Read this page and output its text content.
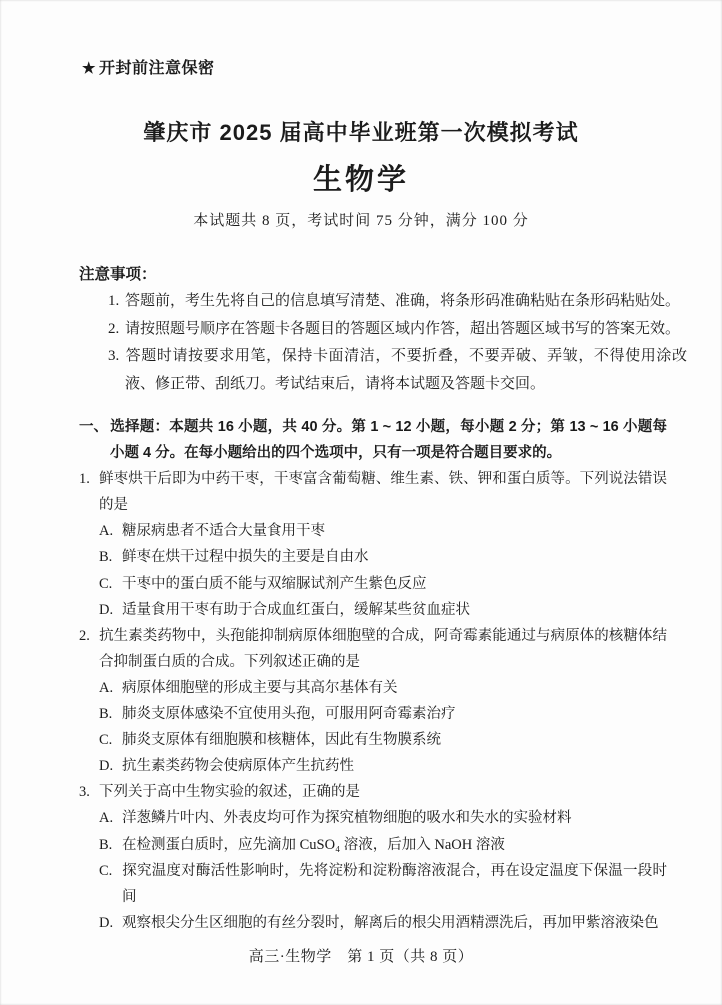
★ 开封前注意保密
肇庆市 2025 届高中毕业班第一次模拟考试
生物学
本试题共 8 页，考试时间 75 分钟，满分 100 分
注意事项：
1. 答题前，考生先将自己的信息填写清楚、准确，将条形码准确粘贴在条形码粘贴处。
2. 请按照题号顺序在答题卡各题目的答题区域内作答，超出答题区域书写的答案无效。
3. 答题时请按要求用笔，保持卡面清洁，不要折叠，不要弄破、弄皱，不得使用涂改液、修正带、刮纸刀。考试结束后，请将本试题及答题卡交回。
一、 选择题：本题共 16 小题，共 40 分。第 1 ~ 12 小题，每小题 2 分；第 13 ~ 16 小题每小题 4 分。在每小题给出的四个选项中，只有一项是符合题目要求的。
1. 鲜枣烘干后即为中药干枣，干枣富含葡萄糖、维生素、铁、钾和蛋白质等。下列说法错误的是
A. 糖尿病患者不适合大量食用干枣
B. 鲜枣在烘干过程中损失的主要是自由水
C. 干枣中的蛋白质不能与双缩脲试剂产生紫色反应
D. 适量食用干枣有助于合成血红蛋白，缓解某些贫血症状
2. 抗生素类药物中，头孢能抑制病原体细胞壁的合成，阿奇霉素能通过与病原体的核糖体结合抑制蛋白质的合成。下列叙述正确的是
A. 病原体细胞壁的形成主要与其高尔基体有关
B. 肺炎支原体感染不宜使用头孢，可服用阿奇霉素治疗
C. 肺炎支原体有细胞膜和核糖体，因此有生物膜系统
D. 抗生素类药物会使病原体产生抗药性
3. 下列关于高中生物实验的叙述，正确的是
A. 洋葱鳞片叶内、外表皮均可作为探究植物细胞的吸水和失水的实验材料
B. 在检测蛋白质时，应先滴加 CuSO₄ 溶液，后加入 NaOH 溶液
C. 探究温度对酶活性影响时，先将淀粉和淀粉酶溶液混合，再在设定温度下保温一段时间
D. 观察根尖分生区细胞的有丝分裂时，解离后的根尖用酒精漂洗后，再加甲紫溶液染色
高三·生物学　第 1 页（共 8 页）
